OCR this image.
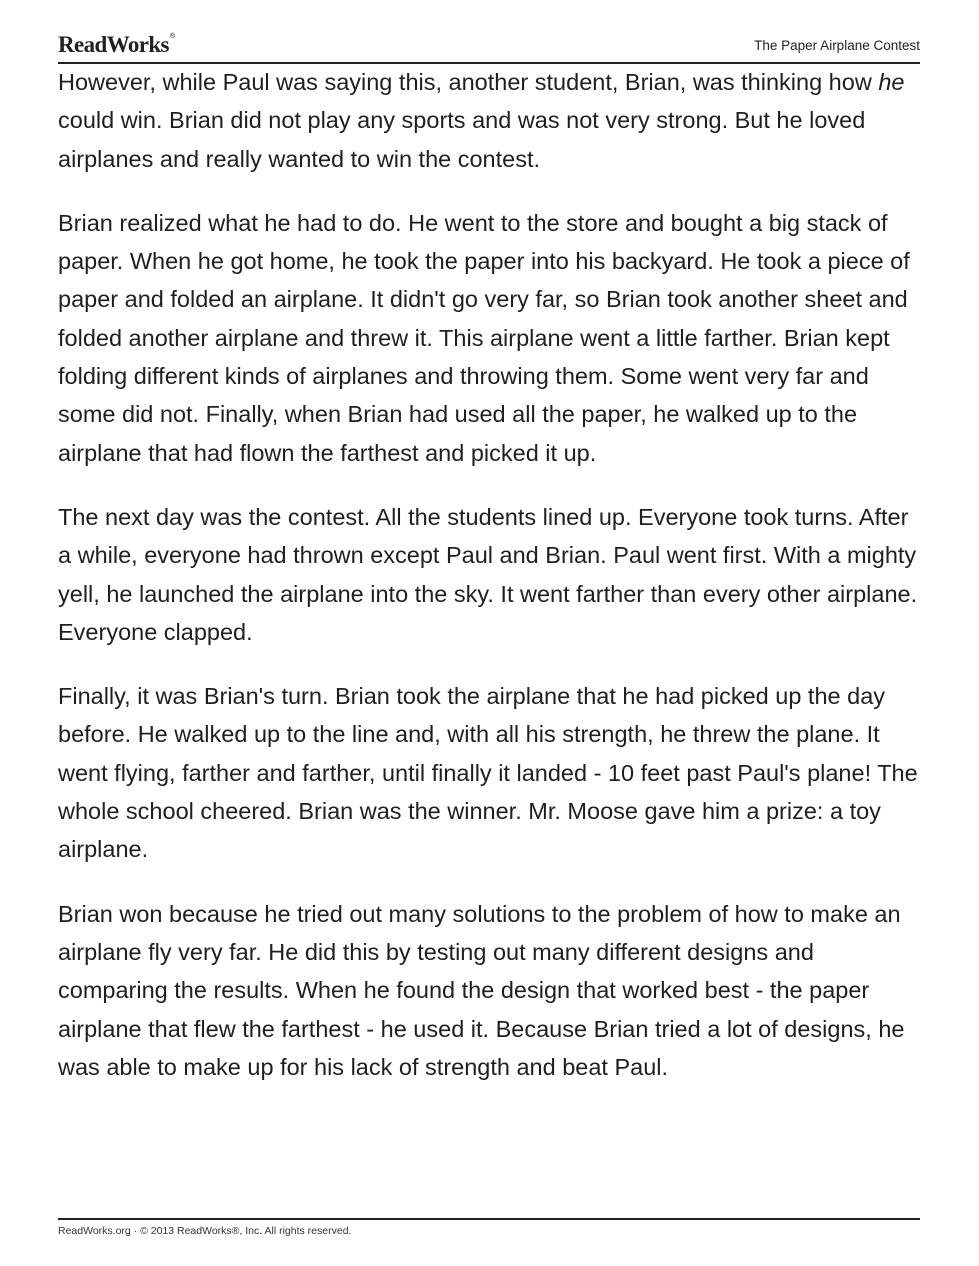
ReadWorks®
The Paper Airplane Contest

However, while Paul was saying this, another student, Brian, was thinking how he could win. Brian did not play any sports and was not very strong. But he loved airplanes and really wanted to win the contest.

Brian realized what he had to do. He went to the store and bought a big stack of paper. When he got home, he took the paper into his backyard. He took a piece of paper and folded an airplane. It didn't go very far, so Brian took another sheet and folded another airplane and threw it. This airplane went a little farther. Brian kept folding different kinds of airplanes and throwing them. Some went very far and some did not. Finally, when Brian had used all the paper, he walked up to the airplane that had flown the farthest and picked it up.

The next day was the contest. All the students lined up. Everyone took turns. After a while, everyone had thrown except Paul and Brian. Paul went first. With a mighty yell, he launched the airplane into the sky. It went farther than every other airplane. Everyone clapped.

Finally, it was Brian's turn. Brian took the airplane that he had picked up the day before. He walked up to the line and, with all his strength, he threw the plane. It went flying, farther and farther, until finally it landed - 10 feet past Paul's plane! The whole school cheered. Brian was the winner. Mr. Moose gave him a prize: a toy airplane.

Brian won because he tried out many solutions to the problem of how to make an airplane fly very far. He did this by testing out many different designs and comparing the results. When he found the design that worked best - the paper airplane that flew the farthest - he used it. Because Brian tried a lot of designs, he was able to make up for his lack of strength and beat Paul.

ReadWorks.org · © 2013 ReadWorks®, Inc. All rights reserved.
